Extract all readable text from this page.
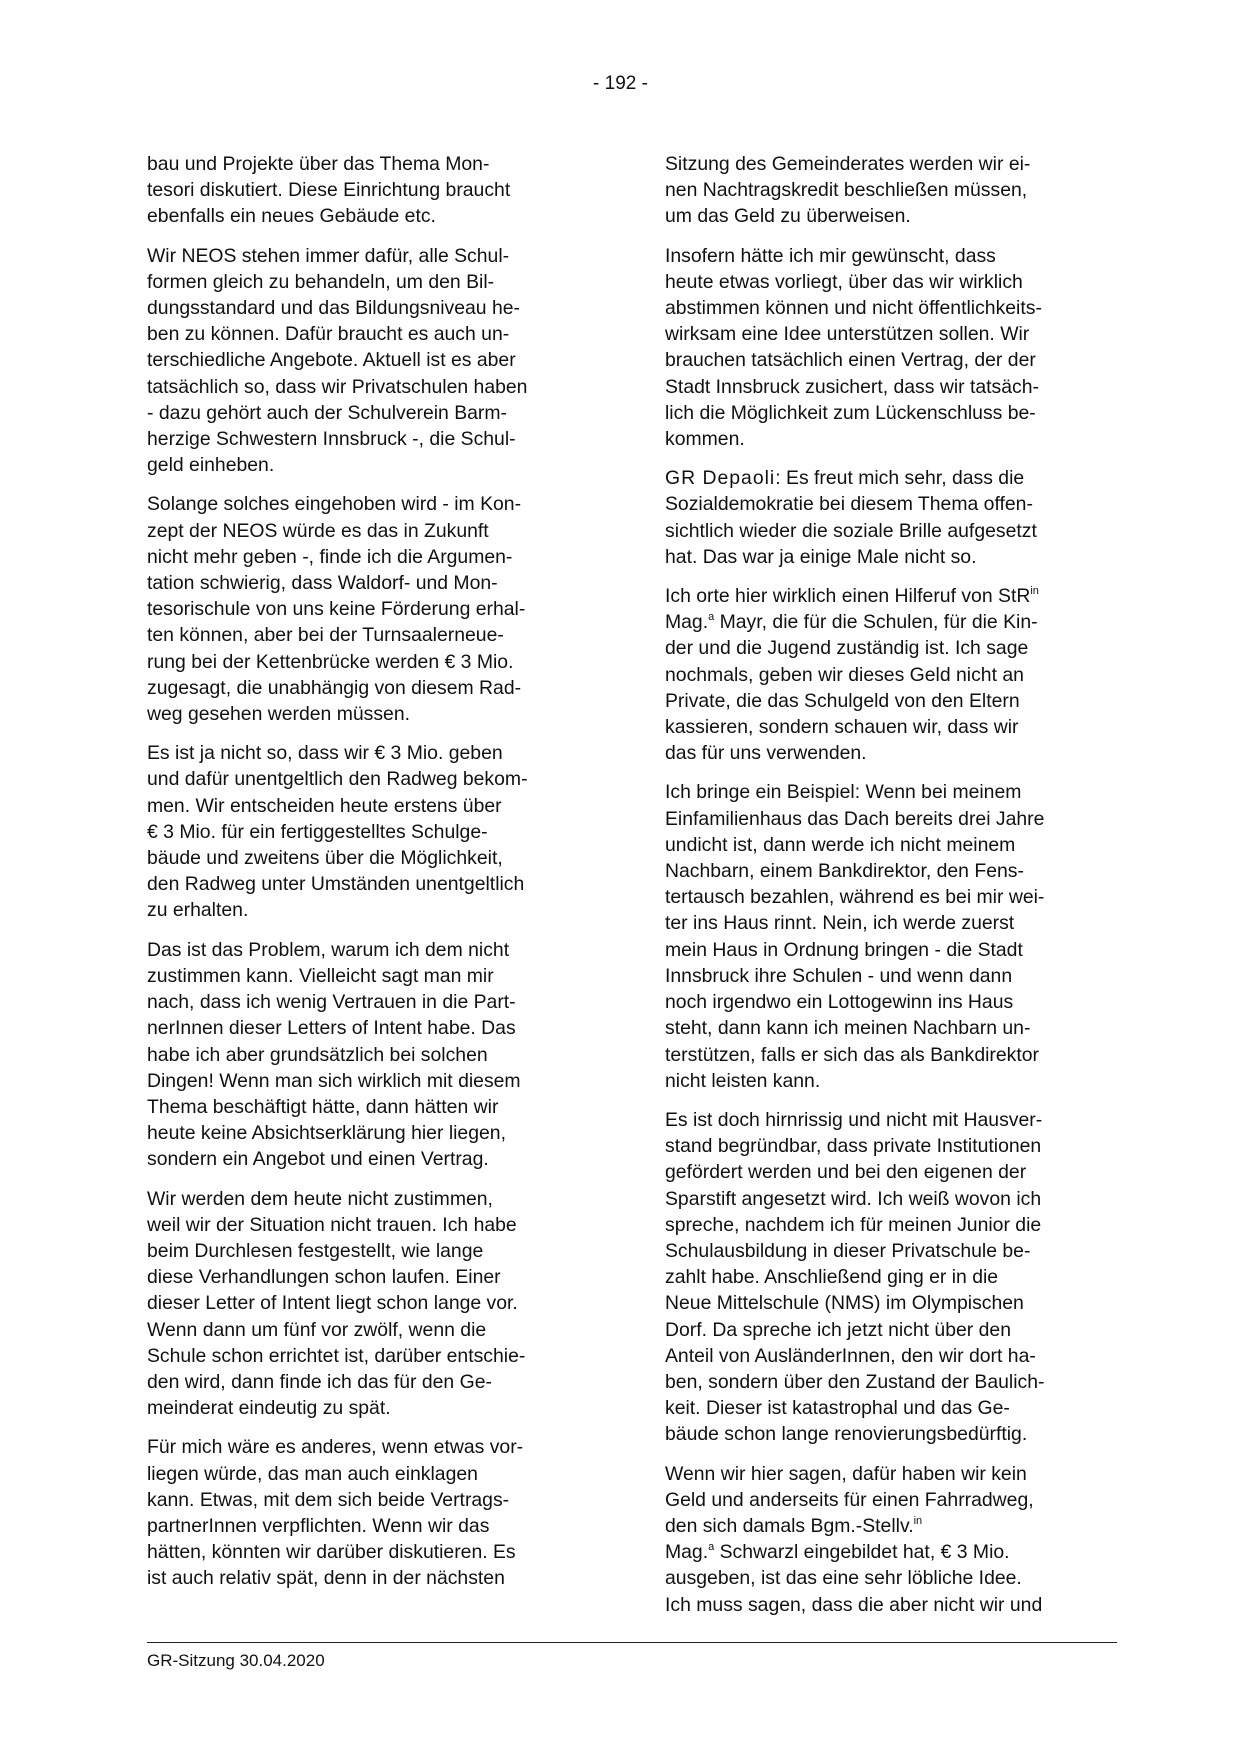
- 192 -

bau und Projekte über das Thema Mon-
tesori diskutiert. Diese Einrichtung braucht
ebenfalls ein neues Gebäude etc.

Wir NEOS stehen immer dafür, alle Schul-
formen gleich zu behandeln, um den Bil-
dungsstandard und das Bildungsniveau he-
ben zu können. Dafür braucht es auch un-
terschiedliche Angebote. Aktuell ist es aber
tatsächlich so, dass wir Privatschulen haben
- dazu gehört auch der Schulverein Barm-
herzige Schwestern Innsbruck -, die Schul-
geld einheben.

Solange solches eingehoben wird - im Kon-
zept der NEOS würde es das in Zukunft
nicht mehr geben -, finde ich die Argumen-
tation schwierig, dass Waldorf- und Mon-
tesorischule von uns keine Förderung erhal-
ten können, aber bei der Turnsaalerneue-
rung bei der Kettenbrücke werden € 3 Mio.
zugesagt, die unabhängig von diesem Rad-
weg gesehen werden müssen.

Es ist ja nicht so, dass wir € 3 Mio. geben
und dafür unentgeltlich den Radweg bekom-
men. Wir entscheiden heute erstens über
€ 3 Mio. für ein fertiggestelltes Schulge-
bäude und zweitens über die Möglichkeit,
den Radweg unter Umständen unentgeltlich
zu erhalten.

Das ist das Problem, warum ich dem nicht
zustimmen kann. Vielleicht sagt man mir
nach, dass ich wenig Vertrauen in die Part-
nerInnen dieser Letters of Intent habe. Das
habe ich aber grundsätzlich bei solchen
Dingen! Wenn man sich wirklich mit diesem
Thema beschäftigt hätte, dann hätten wir
heute keine Absichtserklärung hier liegen,
sondern ein Angebot und einen Vertrag.

Wir werden dem heute nicht zustimmen,
weil wir der Situation nicht trauen. Ich habe
beim Durchlesen festgestellt, wie lange
diese Verhandlungen schon laufen. Einer
dieser Letter of Intent liegt schon lange vor.
Wenn dann um fünf vor zwölf, wenn die
Schule schon errichtet ist, darüber entschie-
den wird, dann finde ich das für den Ge-
meinderat eindeutig zu spät.

Für mich wäre es anderes, wenn etwas vor-
liegen würde, das man auch einklagen
kann. Etwas, mit dem sich beide Vertrags-
partnerInnen verpflichten. Wenn wir das
hätten, könnten wir darüber diskutieren. Es
ist auch relativ spät, denn in der nächsten

Sitzung des Gemeinderates werden wir ei-
nen Nachtragskredit beschließen müssen,
um das Geld zu überweisen.

Insofern hätte ich mir gewünscht, dass
heute etwas vorliegt, über das wir wirklich
abstimmen können und nicht öffentlichkeits-
wirksam eine Idee unterstützen sollen. Wir
brauchen tatsächlich einen Vertrag, der der
Stadt Innsbruck zusichert, dass wir tatsäch-
lich die Möglichkeit zum Lückenschluss be-
kommen.

GR Depaoli: Es freut mich sehr, dass die
Sozialdemokratie bei diesem Thema offen-
sichtlich wieder die soziale Brille aufgesetzt
hat. Das war ja einige Male nicht so.

Ich orte hier wirklich einen Hilferuf von StR$^{in}$
Mag.$^a$ Mayr, die für die Schulen, für die Kin-
der und die Jugend zuständig ist. Ich sage
nochmals, geben wir dieses Geld nicht an
Private, die das Schulgeld von den Eltern
kassieren, sondern schauen wir, dass wir
das für uns verwenden.

Ich bringe ein Beispiel: Wenn bei meinem
Einfamilienhaus das Dach bereits drei Jahre
undicht ist, dann werde ich nicht meinem
Nachbarn, einem Bankdirektor, den Fens-
tertausch bezahlen, während es bei mir wei-
ter ins Haus rinnt. Nein, ich werde zuerst
mein Haus in Ordnung bringen - die Stadt
Innsbruck ihre Schulen - und wenn dann
noch irgendwo ein Lottogewinn ins Haus
steht, dann kann ich meinen Nachbarn un-
terstützen, falls er sich das als Bankdirektor
nicht leisten kann.

Es ist doch hirnrissig und nicht mit Hausver-
stand begründbar, dass private Institutionen
gefördert werden und bei den eigenen der
Sparstift angesetzt wird. Ich weiß wovon ich
spreche, nachdem ich für meinen Junior die
Schulausbildung in dieser Privatschule be-
zahlt habe. Anschließend ging er in die
Neue Mittelschule (NMS) im Olympischen
Dorf. Da spreche ich jetzt nicht über den
Anteil von AusländerInnen, den wir dort ha-
ben, sondern über den Zustand der Baulich-
keit. Dieser ist katastrophal und das Ge-
bäude schon lange renovierungsbedürftig.

Wenn wir hier sagen, dafür haben wir kein
Geld und anderseits für einen Fahrradweg,
den sich damals Bgm.-Stellv.$^{in}$
Mag.$^a$ Schwarzl eingebildet hat, € 3 Mio.
ausgeben, ist das eine sehr löbliche Idee.
Ich muss sagen, dass die aber nicht wir und

GR-Sitzung 30.04.2020
